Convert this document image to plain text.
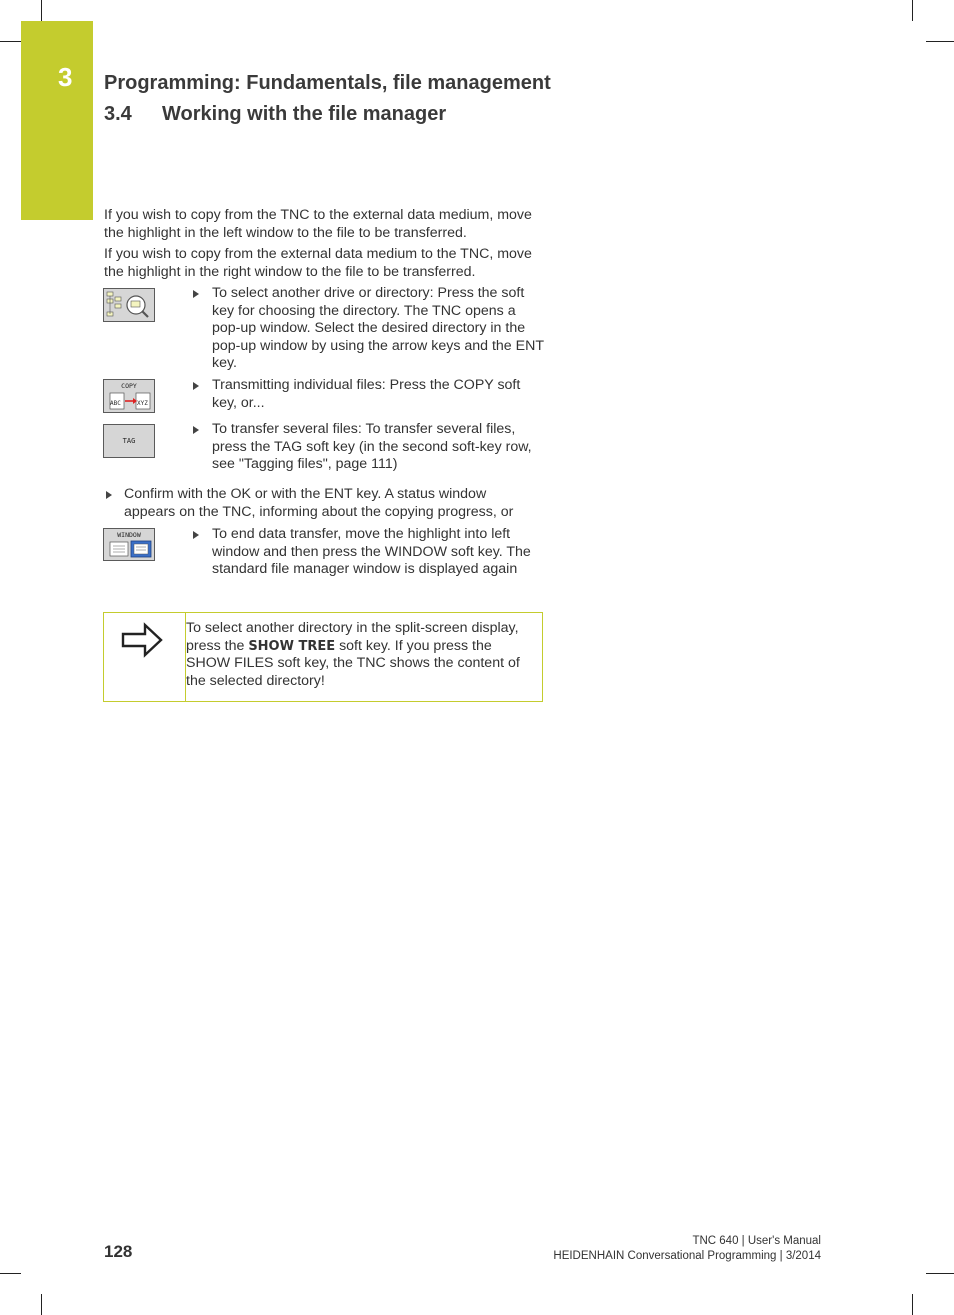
3 Programming: Fundamentals, file management
3.4 Working with the file manager
If you wish to copy from the TNC to the external data medium, move the highlight in the left window to the file to be transferred.
If you wish to copy from the external data medium to the TNC, move the highlight in the right window to the file to be transferred.
To select another drive or directory: Press the soft key for choosing the directory. The TNC opens a pop-up window. Select the desired directory in the pop-up window by using the arrow keys and the ENT key.
COPY
ABC	XYZ
Transmitting individual files: Press the COPY soft key, or...
TAG
To transfer several files: To transfer several files, press the TAG soft key (in the second soft-key row, see "Tagging files", page 111)
Confirm with the OK or with the ENT key. A status window appears on the TNC, informing about the copying progress, or
WINDOW	To end data transfer, move the highlight into left window and then press the WINDOW soft key. The standard file manager window is displayed again
To select another directory in the split-screen display, press the SHOW TREE soft key. If you press the SHOW FILES soft key, the TNC shows the content of the selected directory!
128
TNC 640 | User's Manual
HEIDENHAIN Conversational Programming | 3/2014
